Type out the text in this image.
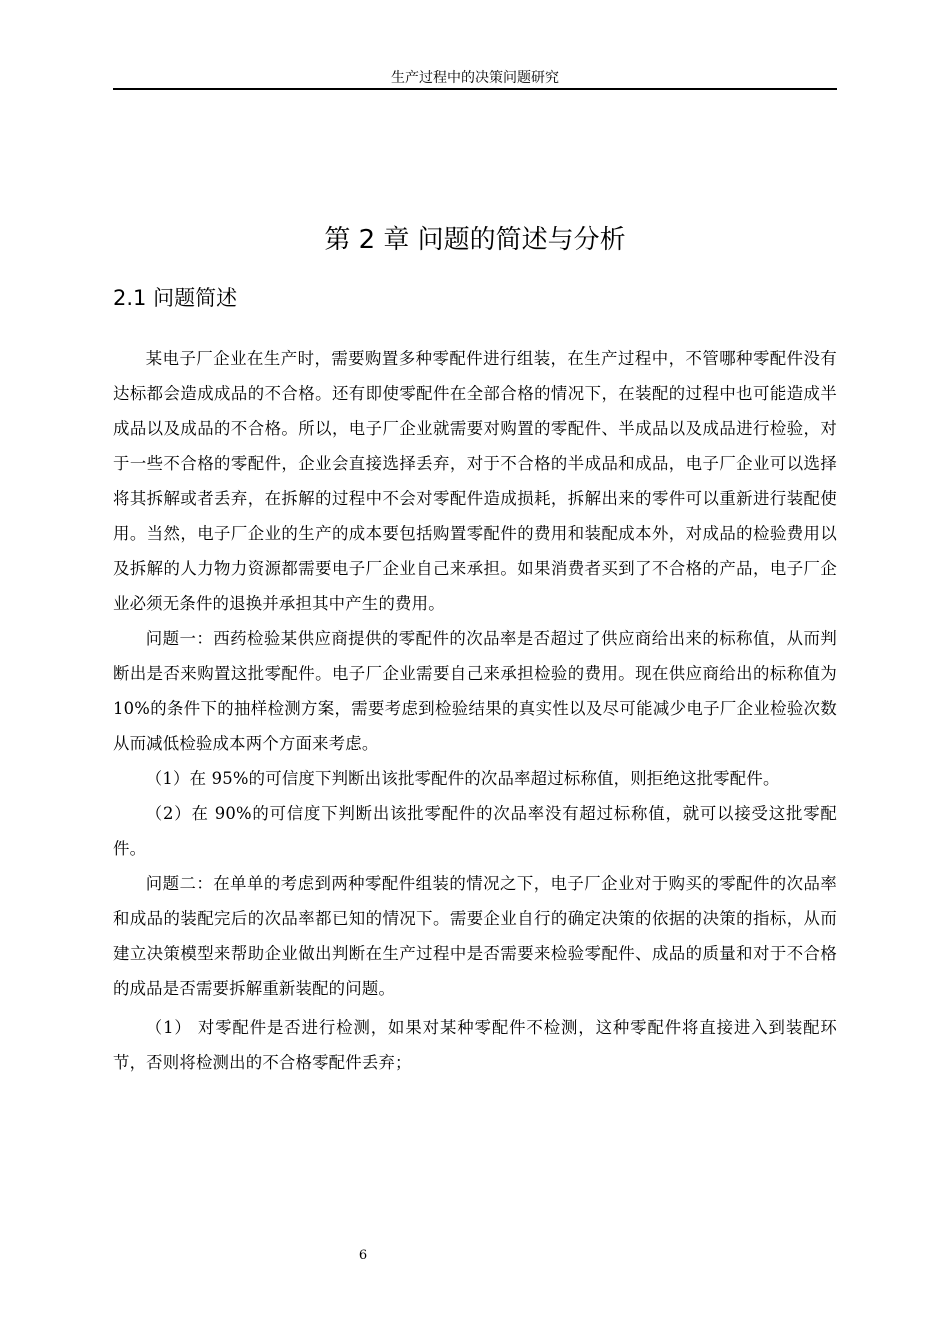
生产过程中的决策问题研究
第 2 章 问题的简述与分析
2.1 问题简述

某电子厂企业在生产时，需要购置多种零配件进行组装，在生产过程中，不管哪种零配件没有达标都会造成成品的不合格。还有即使零配件在全部合格的情况下，在装配的过程中也可能造成半成品以及成品的不合格。所以，电子厂企业就需要对购置的零配件、半成品以及成品进行检验，对于一些不合格的零配件，企业会直接选择丢弃，对于不合格的半成品和成品，电子厂企业可以选择将其拆解或者丢弃，在拆解的过程中不会对零配件造成损耗，拆解出来的零件可以重新进行装配使用。当然，电子厂企业的生产的成本要包括购置零配件的费用和装配成本外，对成品的检验费用以及拆解的人力物力资源都需要电子厂企业自己来承担。如果消费者买到了不合格的产品，电子厂企业必须无条件的退换并承担其中产生的费用。

问题一：西药检验某供应商提供的零配件的次品率是否超过了供应商给出来的标称值，从而判断出是否来购置这批零配件。电子厂企业需要自己来承担检验的费用。现在供应商给出的标称值为 10%的条件下的抽样检测方案，需要考虑到检验结果的真实性以及尽可能减少电子厂企业检验次数从而减低检验成本两个方面来考虑。

（1）在 95%的可信度下判断出该批零配件的次品率超过标称值，则拒绝这批零配件。

（2）在 90%的可信度下判断出该批零配件的次品率没有超过标称值，就可以接受这批零配件。

问题二：在单单的考虑到两种零配件组装的情况之下，电子厂企业对于购买的零配件的次品率和成品的装配完后的次品率都已知的情况下。需要企业自行的确定决策的依据的决策的指标，从而建立决策模型来帮助企业做出判断在生产过程中是否需要来检验零配件、成品的质量和对于不合格的成品是否需要拆解重新装配的问题。

（1） 对零配件是否进行检测，如果对某种零配件不检测，这种零配件将直接进入到装配环节，否则将检测出的不合格零配件丢弃；

6
